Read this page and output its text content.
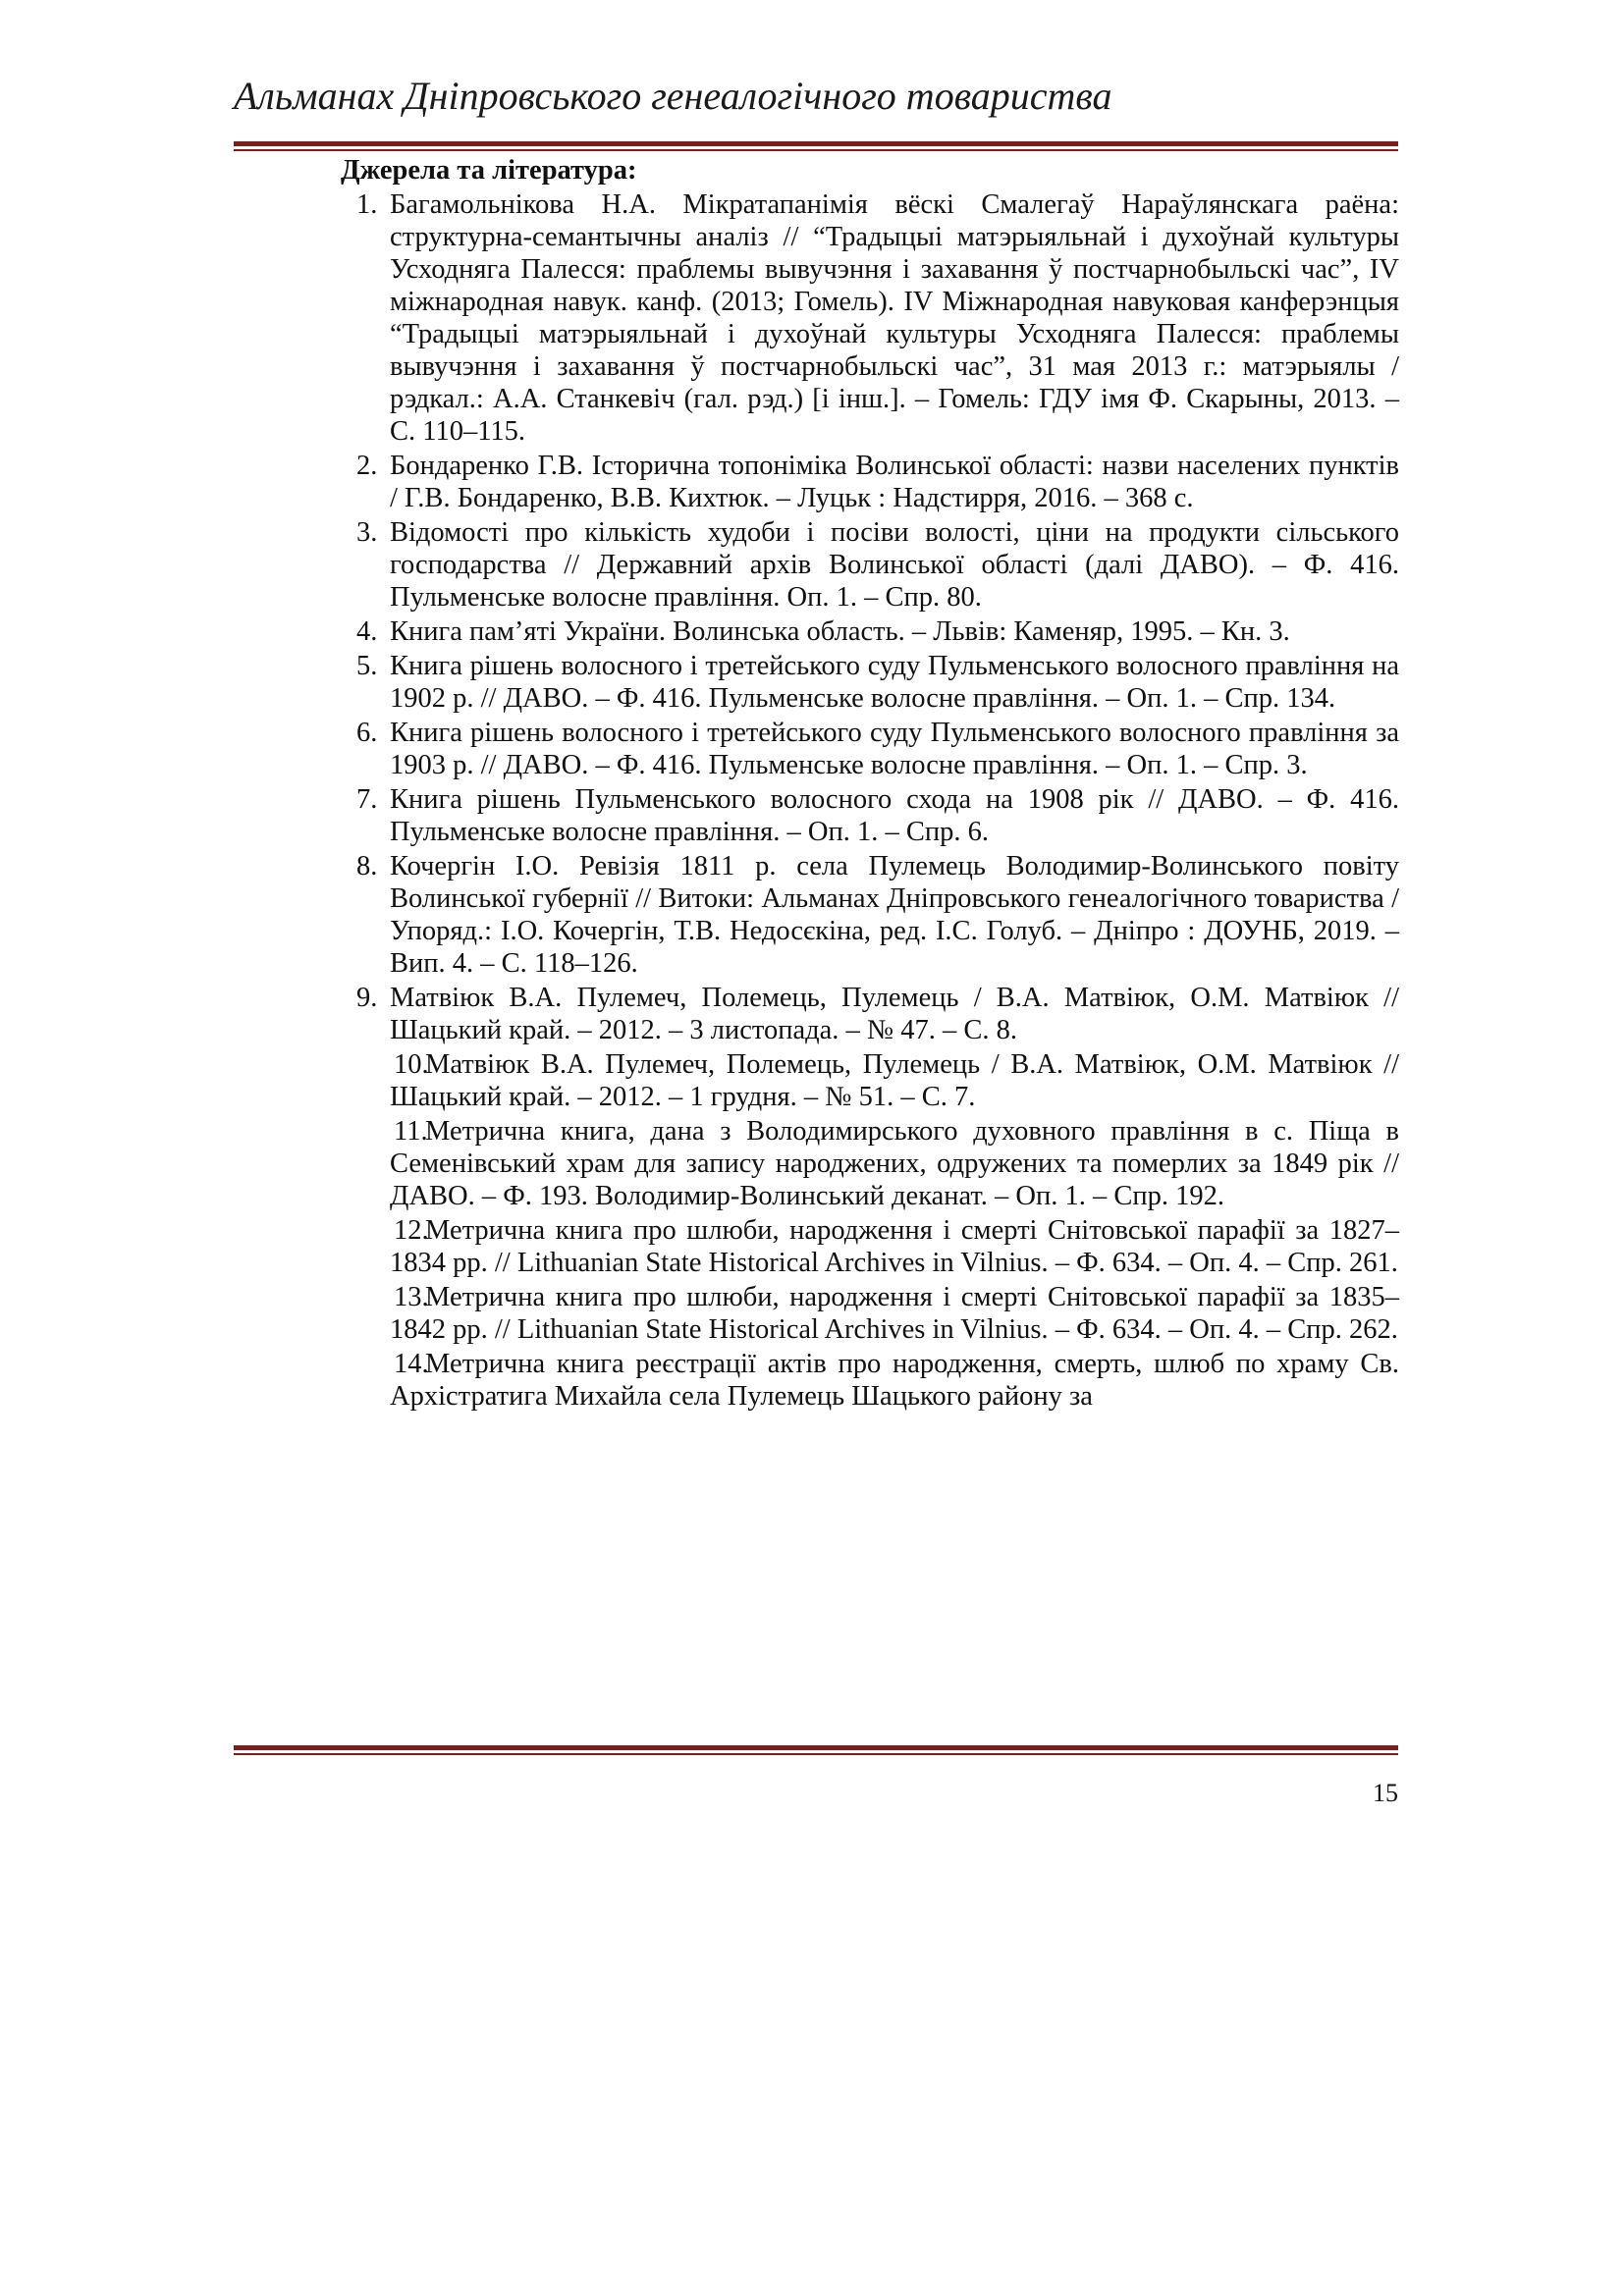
Альманах Дніпровського генеалогічного товариства
Джерела та література:
1. Багамольнікова Н.А. Мікратапанімія вёскі Смалегаў Нараўлянскага раёна: структурна-семантычны аналіз // “Традыцыі матэрыяльнай і духоўнай культуры Усходняга Палесся: праблемы вывучэння і захавання ў постчарнобыльскі час”, IV міжнародная навук. канф. (2013; Гомель). IV Міжнародная навуковая канферэнцыя “Традыцыі матэрыяльнай і духоўнай культуры Усходняга Палесся: праблемы вывучэння і захавання ў постчарнобыльскі час”, 31 мая 2013 г.: матэрыялы / рэдкал.: А.А. Станкевіч (гал. рэд.) [і інш.]. – Гомель: ГДУ імя Ф. Скарыны, 2013. – С. 110–115.
2. Бондаренко Г.В. Історична топоніміка Волинської області: назви населених пунктів / Г.В. Бондаренко, В.В. Кихтюк. – Луцьк : Надстирря, 2016. – 368 с.
3. Відомості про кількість худоби і посіви волості, ціни на продукти сільського господарства // Державний архів Волинської області (далі ДАВО). – Ф. 416. Пульменське волосне правління. Оп. 1. – Спр. 80.
4. Книга пам’яті України. Волинська область. – Львів: Каменяр, 1995. – Кн. 3.
5. Книга рішень волосного і третейського суду Пульменського волосного правління на 1902 р. // ДАВО. – Ф. 416. Пульменське волосне правління. – Оп. 1. – Спр. 134.
6. Книга рішень волосного і третейського суду Пульменського волосного правління за 1903 р. // ДАВО. – Ф. 416. Пульменське волосне правління. – Оп. 1. – Спр. 3.
7. Книга рішень Пульменського волосного схода на 1908 рік // ДАВО. – Ф. 416. Пульменське волосне правління. – Оп. 1. – Спр. 6.
8. Кочергін І.О. Ревізія 1811 р. села Пулемець Володимир-Волинського повіту Волинської губернії // Витоки: Альманах Дніпровського генеалогічного товариства / Упоряд.: І.О. Кочергін, Т.В. Недосєкіна, ред. І.С. Голуб. – Дніпро : ДОУНБ, 2019. – Вип. 4. – С. 118–126.
9. Матвіюк В.А. Пулемеч, Полемець, Пулемець / В.А. Матвіюк, О.М. Матвіюк // Шацький край. – 2012. – 3 листопада. – № 47. – С. 8.
10.
Матвіюк В.А. Пулемеч, Полемець, Пулемець / В.А. Матвіюк, О.М. Матвіюк // Шацький край. – 2012. – 1 грудня. – № 51. – С. 7.
11.
Метрична книга, дана з Володимирського духовного правління в с. Піща в Семенівський храм для запису народжених, одружених та померлих за 1849 рік // ДАВО. – Ф. 193. Володимир-Волинський деканат. – Оп. 1. – Спр. 192.
12.
Метрична книга про шлюби, народження і смерті Снітовської парафії за 1827–1834 рр. // Lithuanian State Historical Archives in Vilnius. – Ф. 634. – Оп. 4. – Спр. 261.
13.
Метрична книга про шлюби, народження і смерті Снітовської парафії за 1835–1842 рр. // Lithuanian State Historical Archives in Vilnius. – Ф. 634. – Оп. 4. – Спр. 262.
14.
Метрична книга реєстрації актів про народження, смерть, шлюб по храму Св. Архістратига Михайла села Пулемець Шацького району за
15
